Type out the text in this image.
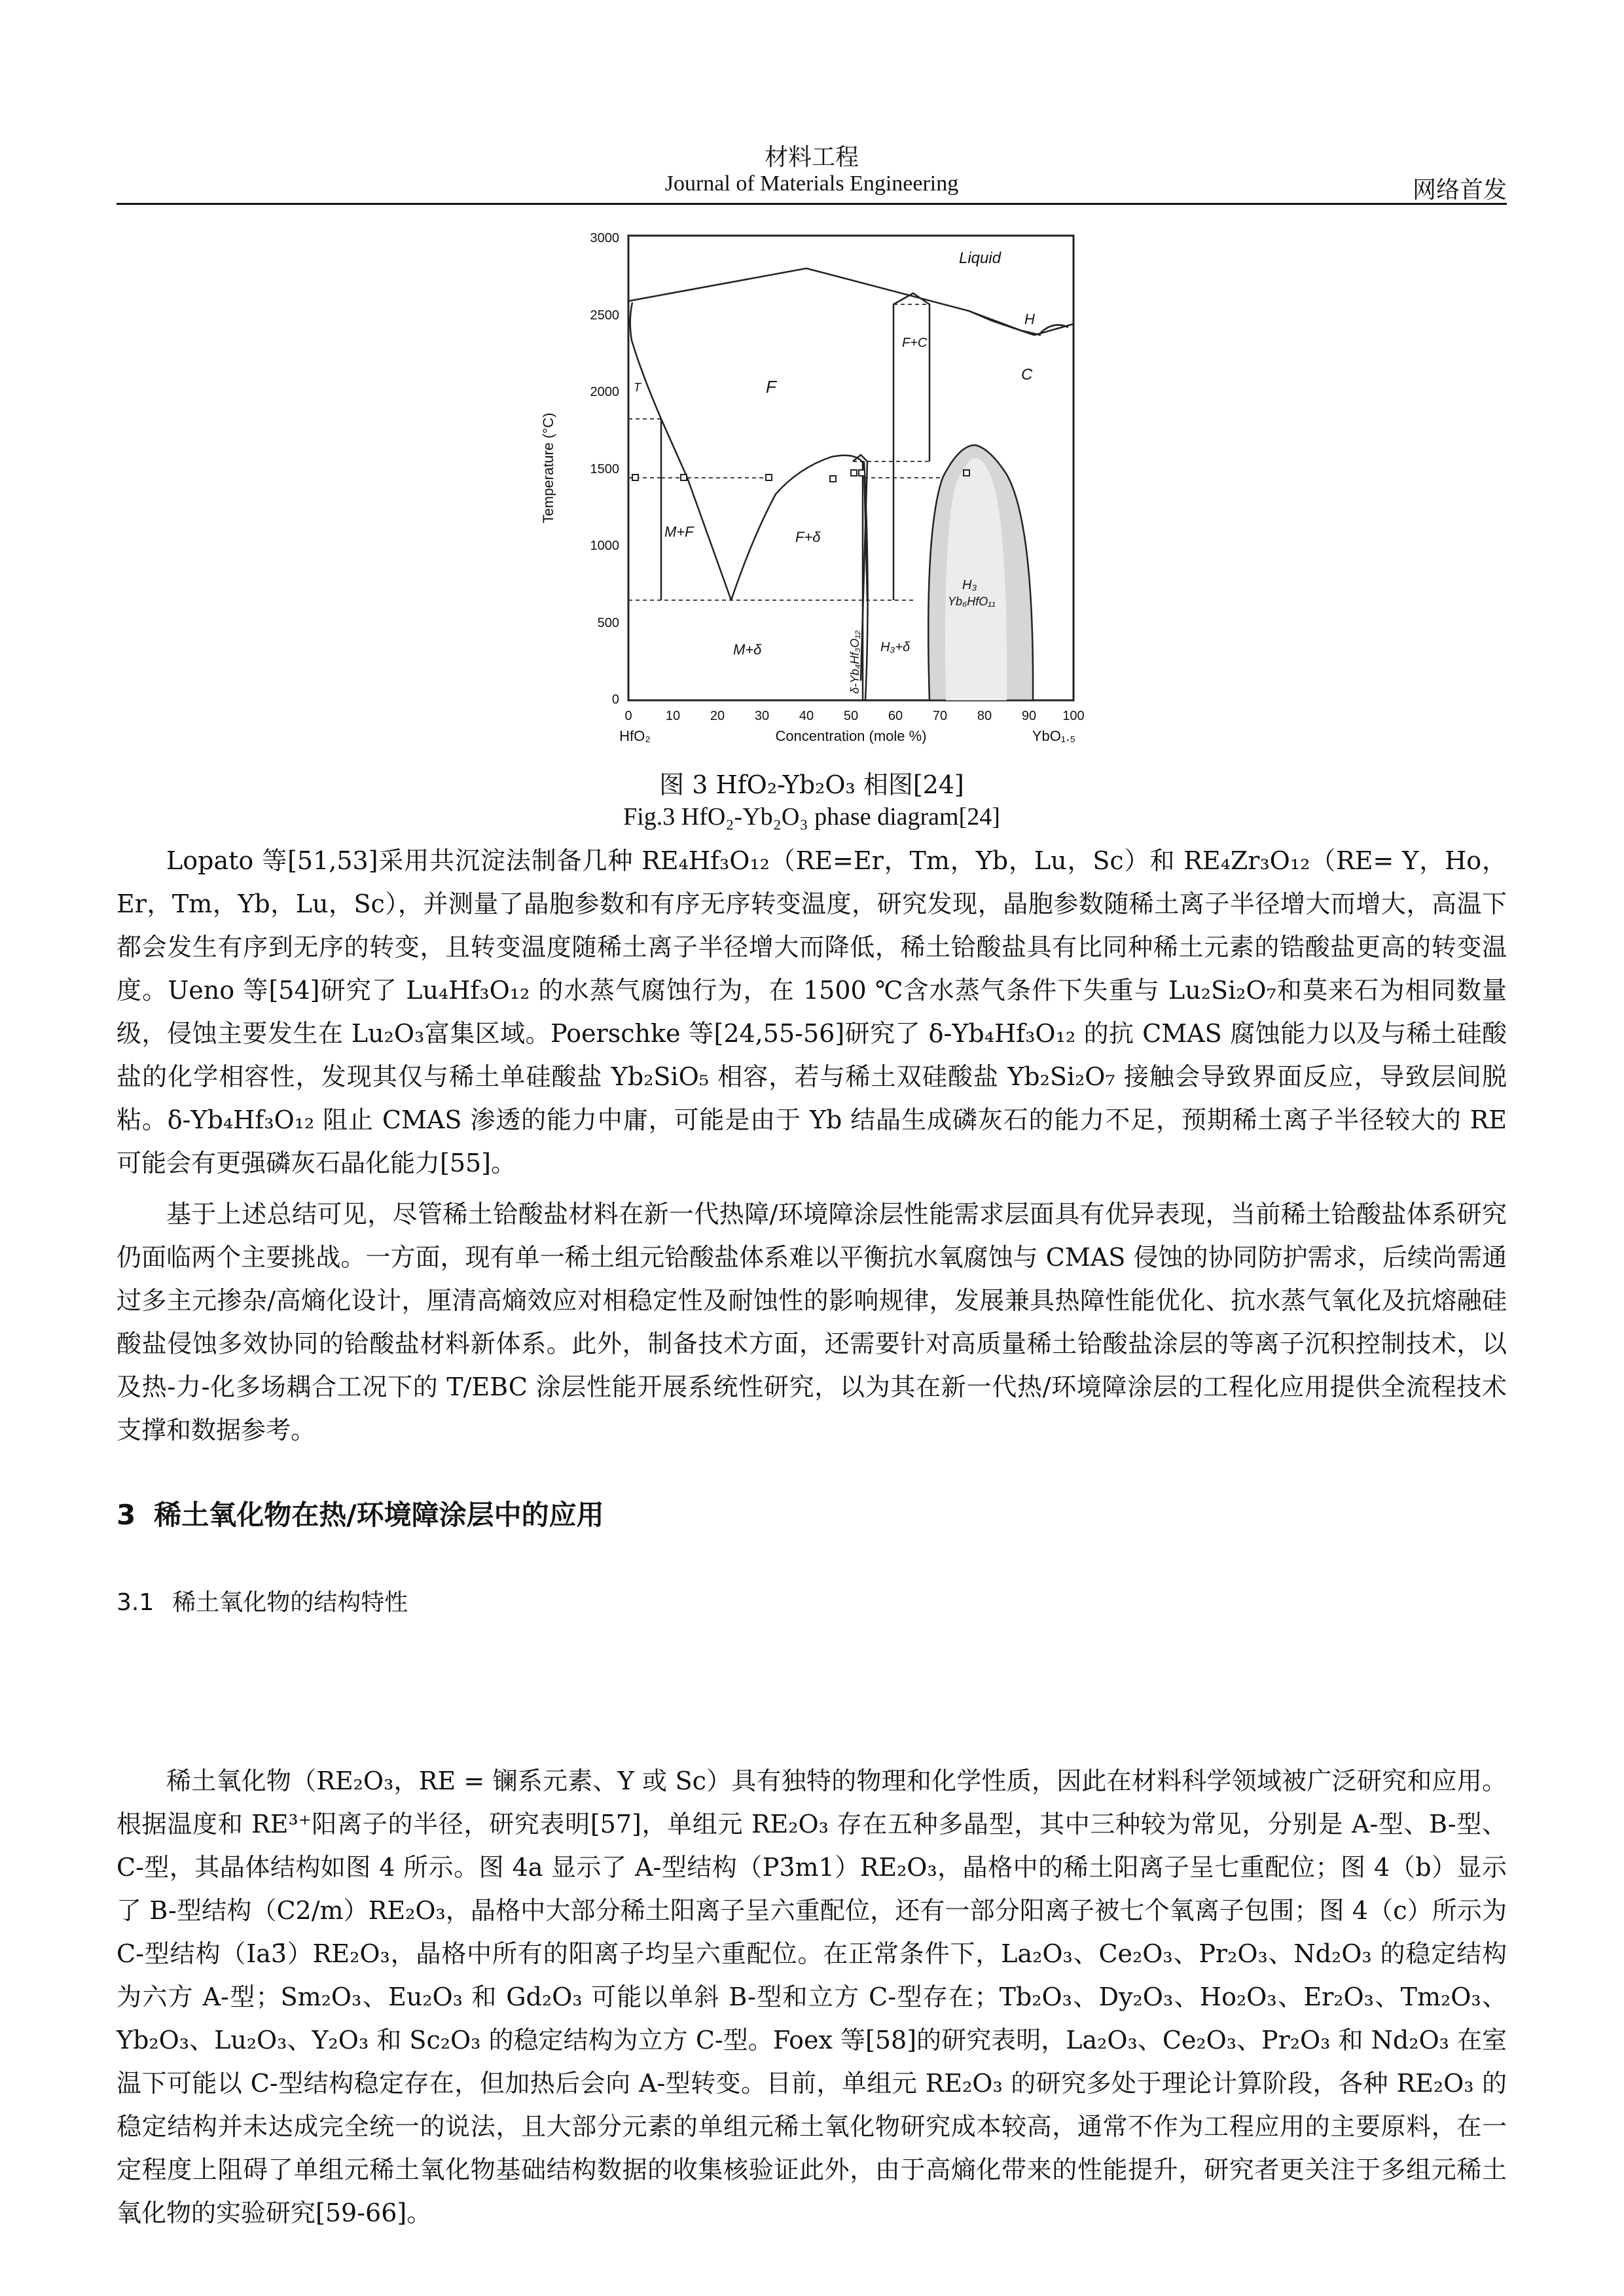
材料工程
Journal of Materials Engineering	网络首发
0
500
1000
1500
2000
2500
3000
0	10 20 30 40 50 60 70 80 90 100
HfO₂	Concentration (mole %)	YbO₁.₅
Temperature (°C)
Liquid
H
F+C
C
F
T
M+F	F+δ
M+δ	δ-Yb₄Hf₃O₁₂ H₃+δ
H₃
Yb₆HfO₁₁
图 3 HfO₂-Yb₂O₃ 相图[24]
Fig.3 HfO₂-Yb₂O₃ phase diagram[24]
Lopato 等[51,53]采用共沉淀法制备几种 RE₄Hf₃O₁₂（RE=Er，Tm，Yb，Lu，Sc）和 RE₄Zr₃O₁₂（RE= Y，Ho，Er，Tm，Yb，Lu，Sc），并测量了晶胞参数和有序无序转变温度，研究发现，晶胞参数随稀土离子半径增大而增大，高温下都会发生有序到无序的转变，且转变温度随稀土离子半径增大而降低，稀土铪酸盐具有比同种稀土元素的锆酸盐更高的转变温度。Ueno 等[54]研究了 Lu₄Hf₃O₁₂ 的水蒸气腐蚀行为，在 1500 ℃含水蒸气条件下失重与 Lu₂Si₂O₇和莫来石为相同数量级，侵蚀主要发生在 Lu₂O₃富集区域。Poerschke 等[24,55-56]研究了 δ-Yb₄Hf₃O₁₂ 的抗 CMAS 腐蚀能力以及与稀土硅酸盐的化学相容性，发现其仅与稀土单硅酸盐 Yb₂SiO₅ 相容，若与稀土双硅酸盐 Yb₂Si₂O₇ 接触会导致界面反应，导致层间脱粘。δ-Yb₄Hf₃O₁₂ 阻止 CMAS 渗透的能力中庸，可能是由于 Yb 结晶生成磷灰石的能力不足，预期稀土离子半径较大的 RE 可能会有更强磷灰石晶化能力[55]。
基于上述总结可见，尽管稀土铪酸盐材料在新一代热障/环境障涂层性能需求层面具有优异表现，当前稀土铪酸盐体系研究仍面临两个主要挑战。一方面，现有单一稀土组元铪酸盐体系难以平衡抗水氧腐蚀与 CMAS 侵蚀的协同防护需求，后续尚需通过多主元掺杂/高熵化设计，厘清高熵效应对相稳定性及耐蚀性的影响规律，发展兼具热障性能优化、抗水蒸气氧化及抗熔融硅酸盐侵蚀多效协同的铪酸盐材料新体系。此外，制备技术方面，还需要针对高质量稀土铪酸盐涂层的等离子沉积控制技术，以及热-力-化多场耦合工况下的 T/EBC 涂层性能开展系统性研究，以为其在新一代热/环境障涂层的工程化应用提供全流程技术支撑和数据参考。
3 稀土氧化物在热/环境障涂层中的应用
3.1 稀土氧化物的结构特性
稀土氧化物（RE₂O₃，RE = 镧系元素、Y 或 Sc）具有独特的物理和化学性质，因此在材料科学领域被广泛研究和应用。根据温度和 RE³⁺阳离子的半径，研究表明[57]，单组元 RE₂O₃ 存在五种多晶型，其中三种较为常见，分别是 A-型、B-型、C-型，其晶体结构如图 4 所示。图 4a 显示了 A-型结构（P3̄m1）RE₂O₃，晶格中的稀土阳离子呈七重配位；图 4（b）显示了 B-型结构（C2/m）RE₂O₃，晶格中大部分稀土阳离子呈六重配位，还有一部分阳离子被七个氧离子包围；图 4（c）所示为 C-型结构（Ia3̄）RE₂O₃，晶格中所有的阳离子均呈六重配位。在正常条件下，La₂O₃、Ce₂O₃、Pr₂O₃、Nd₂O₃ 的稳定结构为六方 A-型；Sm₂O₃、Eu₂O₃ 和 Gd₂O₃ 可能以单斜 B-型和立方 C-型存在；Tb₂O₃、Dy₂O₃、Ho₂O₃、Er₂O₃、Tm₂O₃、Yb₂O₃、Lu₂O₃、Y₂O₃ 和 Sc₂O₃ 的稳定结构为立方 C-型。Foex 等[58]的研究表明，La₂O₃、Ce₂O₃、Pr₂O₃ 和 Nd₂O₃ 在室温下可能以 C-型结构稳定存在，但加热后会向 A-型转变。目前，单组元 RE₂O₃ 的研究多处于理论计算阶段，各种 RE₂O₃ 的稳定结构并未达成完全统一的说法，且大部分元素的单组元稀土氧化物研究成本较高，通常不作为工程应用的主要原料，在一定程度上阻碍了单组元稀土氧化物基础结构数据的收集核验证此外，由于高熵化带来的性能提升，研究者更关注于多组元稀土氧化物的实验研究[59-66]。
